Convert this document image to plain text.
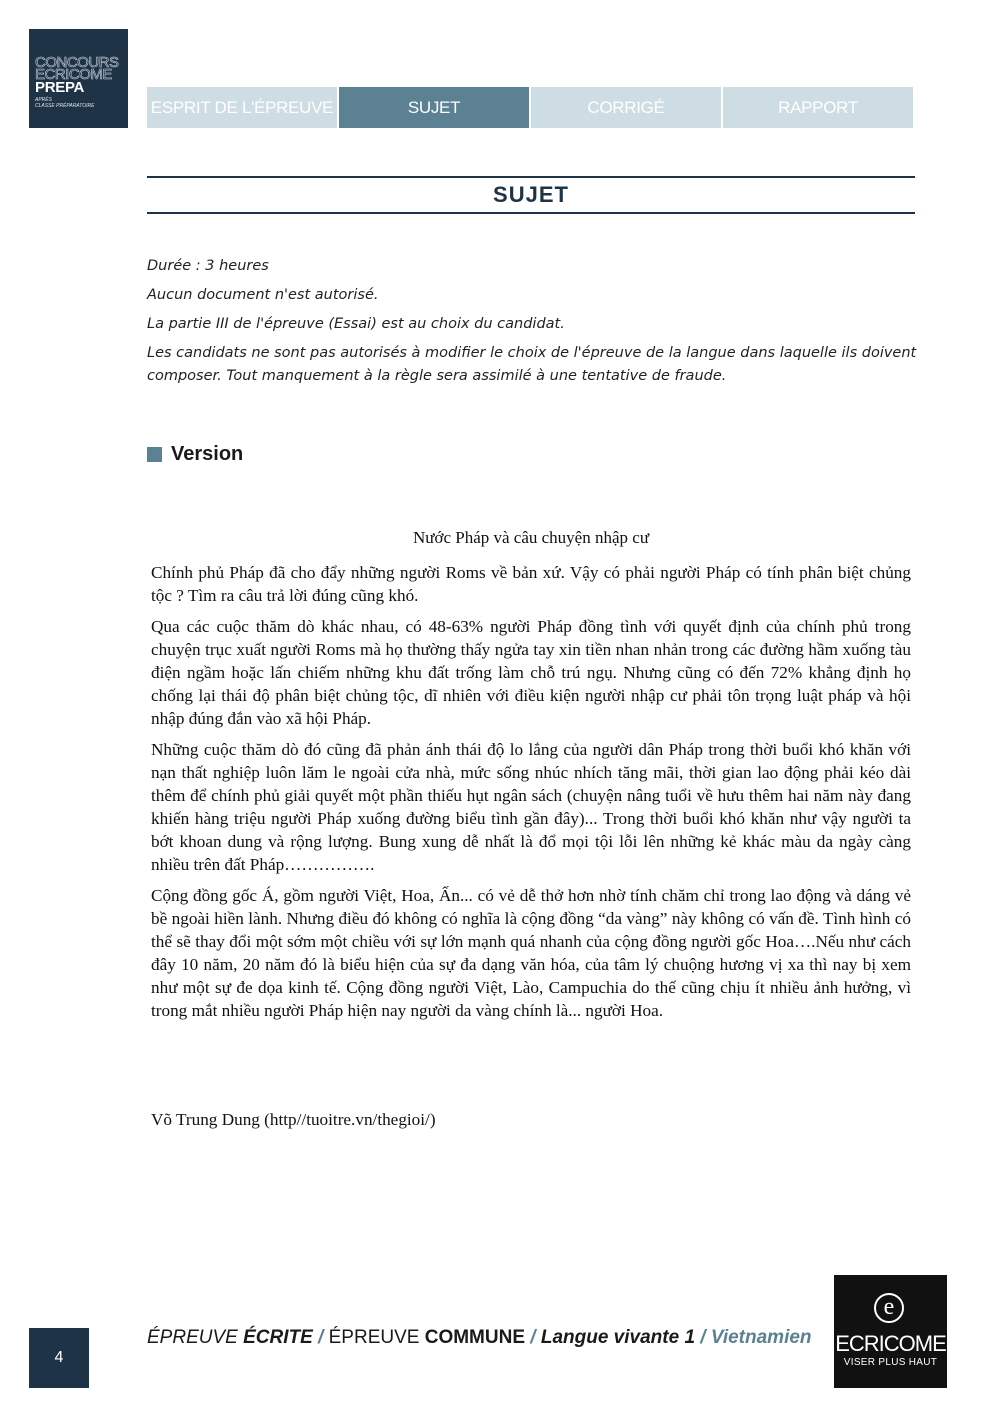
CONCOURS
ECRICOME
PREPA
APRÈS
CLASSE PRÉPARATOIRE	ESPRIT DE L'ÉPREUVE	SUJET	CORRIGÉ	RAPPORT
SUJET

Durée : 3 heures

Aucun document n'est autorisé.

La partie III de l'épreuve (Essai) est au choix du candidat.

Les candidats ne sont pas autorisés à modifier le choix de l'épreuve de la langue dans laquelle ils doivent composer. Tout manquement à la règle sera assimilé à une tentative de fraude.

Version

Nước Pháp và câu chuyện nhập cư

Chính phủ Pháp đã cho đẩy những người Roms về bản xứ. Vậy có phải người Pháp có tính phân biệt chủng tộc ? Tìm ra câu trả lời đúng cũng khó.

Qua các cuộc thăm dò khác nhau, có 48-63% người Pháp đồng tình với quyết định của chính phủ trong chuyện trục xuất người Roms mà họ thường thấy ngửa tay xin tiền nhan nhản trong các đường hầm xuống tàu điện ngầm hoặc lấn chiếm những khu đất trống làm chỗ trú ngụ. Nhưng cũng có đến 72% khẳng định họ chống lại thái độ phân biệt chủng tộc, dĩ nhiên với điều kiện người nhập cư phải tôn trọng luật pháp và hội nhập đúng đắn vào xã hội Pháp.

Những cuộc thăm dò đó cũng đã phản ánh thái độ lo lắng của người dân Pháp trong thời buổi khó khăn với nạn thất nghiệp luôn lăm le ngoài cửa nhà, mức sống nhúc nhích tăng mãi, thời gian lao động phải kéo dài thêm để chính phủ giải quyết một phần thiếu hụt ngân sách (chuyện nâng tuổi về hưu thêm hai năm này đang khiến hàng triệu người Pháp xuống đường biểu tình gần đây)... Trong thời buổi khó khăn như vậy người ta bớt khoan dung và rộng lượng. Bung xung dễ nhất là đổ mọi tội lỗi lên những kẻ khác màu da ngày càng nhiều trên đất Pháp…………….

Cộng đồng gốc Á, gồm người Việt, Hoa, Ấn... có vẻ dễ thở hơn nhờ tính chăm chỉ trong lao động và dáng vẻ bề ngoài hiền lành. Nhưng điều đó không có nghĩa là cộng đồng “da vàng” này không có vấn đề. Tình hình có thể sẽ thay đổi một sớm một chiều với sự lớn mạnh quá nhanh của cộng đồng người gốc Hoa….Nếu như cách đây 10 năm, 20 năm đó là biểu hiện của sự đa dạng văn hóa, của tâm lý chuộng hương vị xa thì nay bị xem như một sự đe dọa kinh tế. Cộng đồng người Việt, Lào, Campuchia do thế cũng chịu ít nhiều ảnh hưởng, vì trong mắt nhiều người Pháp hiện nay người da vàng chính là... người Hoa.

Võ Trung Dung (http//tuoitre.vn/thegioi/)
4
ÉPREUVE ÉCRITE / ÉPREUVE COMMUNE / Langue vivante 1 / Vietnamien
e
ECRICOME
VISER PLUS HAUT
